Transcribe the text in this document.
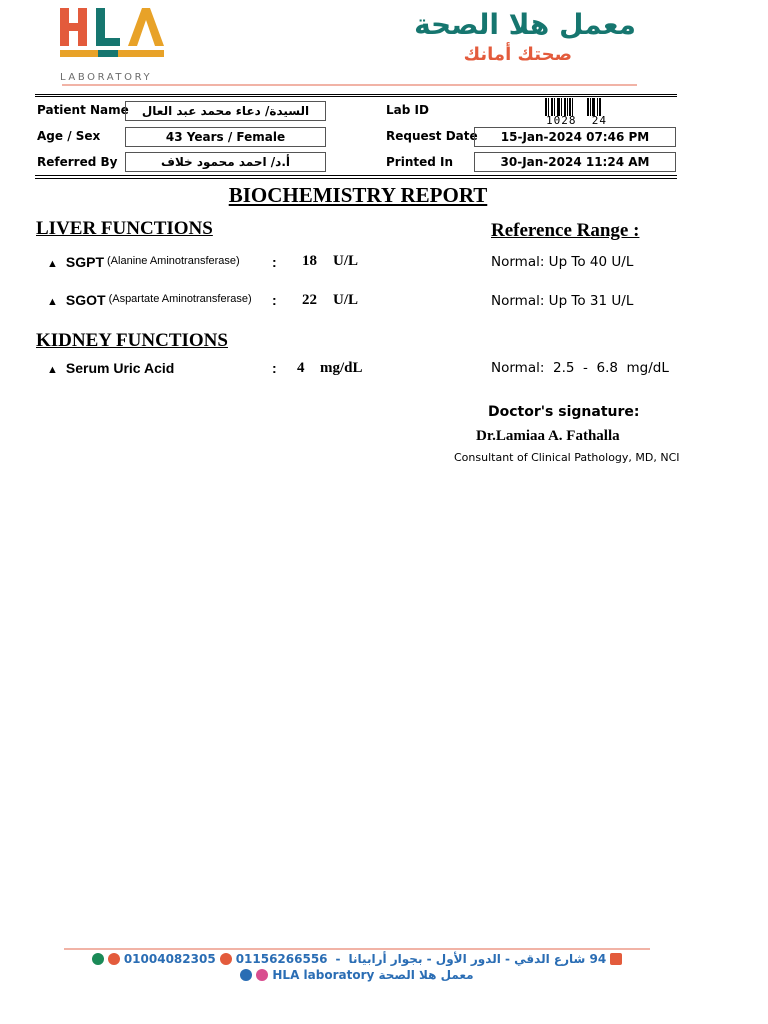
LABORATORY
معمل هلا الصحة
صحتك أمانك
Patient Name	السيدة/ دعاء محمد عبد العال
Age / Sex	43 Years / Female
Referred By	أ.د/ احمد محمود خلاف
Lab ID
1028  24
Request Date	15-Jan-2024 07:46 PM
Printed In	30-Jan-2024 11:24 AM
BIOCHEMISTRY REPORT
LIVER FUNCTIONS	Reference Range :
▲ SGPT $^{(Alanine Aminotransferase)}$ : 18 U/L	Normal: Up To 40 U/L
▲ SGOT $^{(Aspartate Aminotransferase)}$ : 22 U/L	Normal: Up To 31 U/L
KIDNEY FUNCTIONS
▲ Serum Uric Acid	: 4 mg/dL	Normal:  2.5  -  6.8  mg/dL
Doctor's signature:
Dr.Lamiaa A. Fathalla
Consultant of Clinical Pathology, MD, NCI
01004082305 01156266556 - 94 شارع الدقي - الدور الأول - بجوار أرابيانا
HLA laboratory معمل هلا الصحة
